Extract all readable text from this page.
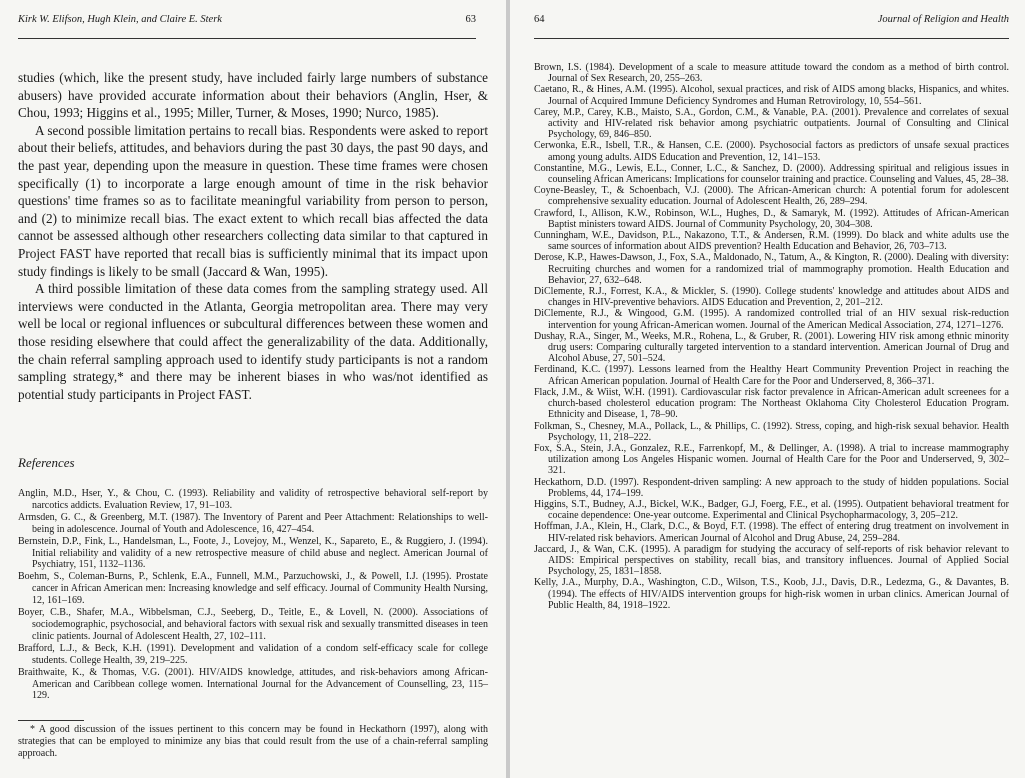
Kirk W. Elifson, Hugh Klein, and Claire E. Sterk	63

studies (which, like the present study, have included fairly large numbers of substance abusers) have provided accurate information about their behaviors (Anglin, Hser, & Chou, 1993; Higgins et al., 1995; Miller, Turner, & Moses, 1990; Nurco, 1985).

A second possible limitation pertains to recall bias. Respondents were asked to report about their beliefs, attitudes, and behaviors during the past 30 days, the past 90 days, and the past year, depending upon the measure in question. These time frames were chosen specifically (1) to incorporate a large enough amount of time in the risk behavior questions' time frames so as to facilitate meaningful variability from person to person, and (2) to minimize recall bias. The exact extent to which recall bias affected the data cannot be assessed although other researchers collecting data similar to that captured in Project FAST have reported that recall bias is sufficiently minimal that its impact upon study findings is likely to be small (Jaccard & Wan, 1995).

A third possible limitation of these data comes from the sampling strategy used. All interviews were conducted in the Atlanta, Georgia metropolitan area. There may very well be local or regional influences or subcultural differences between these women and those residing elsewhere that could affect the generalizability of the data. Additionally, the chain referral sampling approach used to identify study participants is not a random sampling strategy,* and there may be inherent biases in who was/not identified as potential study participants in Project FAST.

References

Anglin, M.D., Hser, Y., & Chou, C. (1993). Reliability and validity of retrospective behavioral self-report by narcotics addicts. Evaluation Review, 17, 91–103.

Armsden, G. C., & Greenberg, M.T. (1987). The Inventory of Parent and Peer Attachment: Relationships to well-being in adolescence. Journal of Youth and Adolescence, 16, 427–454.

Bernstein, D.P., Fink, L., Handelsman, L., Foote, J., Lovejoy, M., Wenzel, K., Sapareto, E., & Ruggiero, J. (1994). Initial reliability and validity of a new retrospective measure of child abuse and neglect. American Journal of Psychiatry, 151, 1132–1136.

Boehm, S., Coleman-Burns, P., Schlenk, E.A., Funnell, M.M., Parzuchowski, J., & Powell, I.J. (1995). Prostate cancer in African American men: Increasing knowledge and self efficacy. Journal of Community Health Nursing, 12, 161–169.

Boyer, C.B., Shafer, M.A., Wibbelsman, C.J., Seeberg, D., Teitle, E., & Lovell, N. (2000). Associations of sociodemographic, psychosocial, and behavioral factors with sexual risk and sexually transmitted diseases in teen clinic patients. Journal of Adolescent Health, 27, 102–111.

Brafford, L.J., & Beck, K.H. (1991). Development and validation of a condom self-efficacy scale for college students. College Health, 39, 219–225.

Braithwaite, K., & Thomas, V.G. (2001). HIV/AIDS knowledge, attitudes, and risk-behaviors among African-American and Caribbean college women. International Journal for the Advancement of Counselling, 23, 115–129.

* A good discussion of the issues pertinent to this concern may be found in Heckathorn (1997), along with strategies that can be employed to minimize any bias that could result from the use of a chain-referral sampling approach.

64	Journal of Religion and Health

Brown, I.S. (1984). Development of a scale to measure attitude toward the condom as a method of birth control. Journal of Sex Research, 20, 255–263.

Caetano, R., & Hines, A.M. (1995). Alcohol, sexual practices, and risk of AIDS among blacks, Hispanics, and whites. Journal of Acquired Immune Deficiency Syndromes and Human Retrovirology, 10, 554–561.

Carey, M.P., Carey, K.B., Maisto, S.A., Gordon, C.M., & Vanable, P.A. (2001). Prevalence and correlates of sexual activity and HIV-related risk behavior among psychiatric outpatients. Journal of Consulting and Clinical Psychology, 69, 846–850.

Cerwonka, E.R., Isbell, T.R., & Hansen, C.E. (2000). Psychosocial factors as predictors of unsafe sexual practices among young adults. AIDS Education and Prevention, 12, 141–153.

Constantine, M.G., Lewis, E.L., Conner, L.C., & Sanchez, D. (2000). Addressing spiritual and religious issues in counseling African Americans: Implications for counselor training and practice. Counseling and Values, 45, 28–38.

Coyne-Beasley, T., & Schoenbach, V.J. (2000). The African-American church: A potential forum for adolescent comprehensive sexuality education. Journal of Adolescent Health, 26, 289–294.

Crawford, I., Allison, K.W., Robinson, W.L., Hughes, D., & Samaryk, M. (1992). Attitudes of African-American Baptist ministers toward AIDS. Journal of Community Psychology, 20, 304–308.

Cunningham, W.E., Davidson, P.L., Nakazono, T.T., & Andersen, R.M. (1999). Do black and white adults use the same sources of information about AIDS prevention? Health Education and Behavior, 26, 703–713.

Derose, K.P., Hawes-Dawson, J., Fox, S.A., Maldonado, N., Tatum, A., & Kington, R. (2000). Dealing with diversity: Recruiting churches and women for a randomized trial of mammography promotion. Health Education and Behavior, 27, 632–648.

DiClemente, R.J., Forrest, K.A., & Mickler, S. (1990). College students' knowledge and attitudes about AIDS and changes in HIV-preventive behaviors. AIDS Education and Prevention, 2, 201–212.

DiClemente, R.J., & Wingood, G.M. (1995). A randomized controlled trial of an HIV sexual risk-reduction intervention for young African-American women. Journal of the American Medical Association, 274, 1271–1276.

Dushay, R.A., Singer, M., Weeks, M.R., Rohena, L., & Gruber, R. (2001). Lowering HIV risk among ethnic minority drug users: Comparing culturally targeted intervention to a standard intervention. American Journal of Drug and Alcohol Abuse, 27, 501–524.

Ferdinand, K.C. (1997). Lessons learned from the Healthy Heart Community Prevention Project in reaching the African American population. Journal of Health Care for the Poor and Underserved, 8, 366–371.

Flack, J.M., & Wiist, W.H. (1991). Cardiovascular risk factor prevalence in African-American adult screenees for a church-based cholesterol education program: The Northeast Oklahoma City Cholesterol Education Program. Ethnicity and Disease, 1, 78–90.

Folkman, S., Chesney, M.A., Pollack, L., & Phillips, C. (1992). Stress, coping, and high-risk sexual behavior. Health Psychology, 11, 218–222.

Fox, S.A., Stein, J.A., Gonzalez, R.E., Farrenkopf, M., & Dellinger, A. (1998). A trial to increase mammography utilization among Los Angeles Hispanic women. Journal of Health Care for the Poor and Underserved, 9, 302–321.

Heckathorn, D.D. (1997). Respondent-driven sampling: A new approach to the study of hidden populations. Social Problems, 44, 174–199.

Higgins, S.T., Budney, A.J., Bickel, W.K., Badger, G.J, Foerg, F.E., et al. (1995). Outpatient behavioral treatment for cocaine dependence: One-year outcome. Experimental and Clinical Psychopharmacology, 3, 205–212.

Hoffman, J.A., Klein, H., Clark, D.C., & Boyd, F.T. (1998). The effect of entering drug treatment on involvement in HIV-related risk behaviors. American Journal of Alcohol and Drug Abuse, 24, 259–284.

Jaccard, J., & Wan, C.K. (1995). A paradigm for studying the accuracy of self-reports of risk behavior relevant to AIDS: Empirical perspectives on stability, recall bias, and transitory influences. Journal of Applied Social Psychology, 25, 1831–1858.

Kelly, J.A., Murphy, D.A., Washington, C.D., Wilson, T.S., Koob, J.J., Davis, D.R., Ledezma, G., & Davantes, B. (1994). The effects of HIV/AIDS intervention groups for high-risk women in urban clinics. American Journal of Public Health, 84, 1918–1922.
